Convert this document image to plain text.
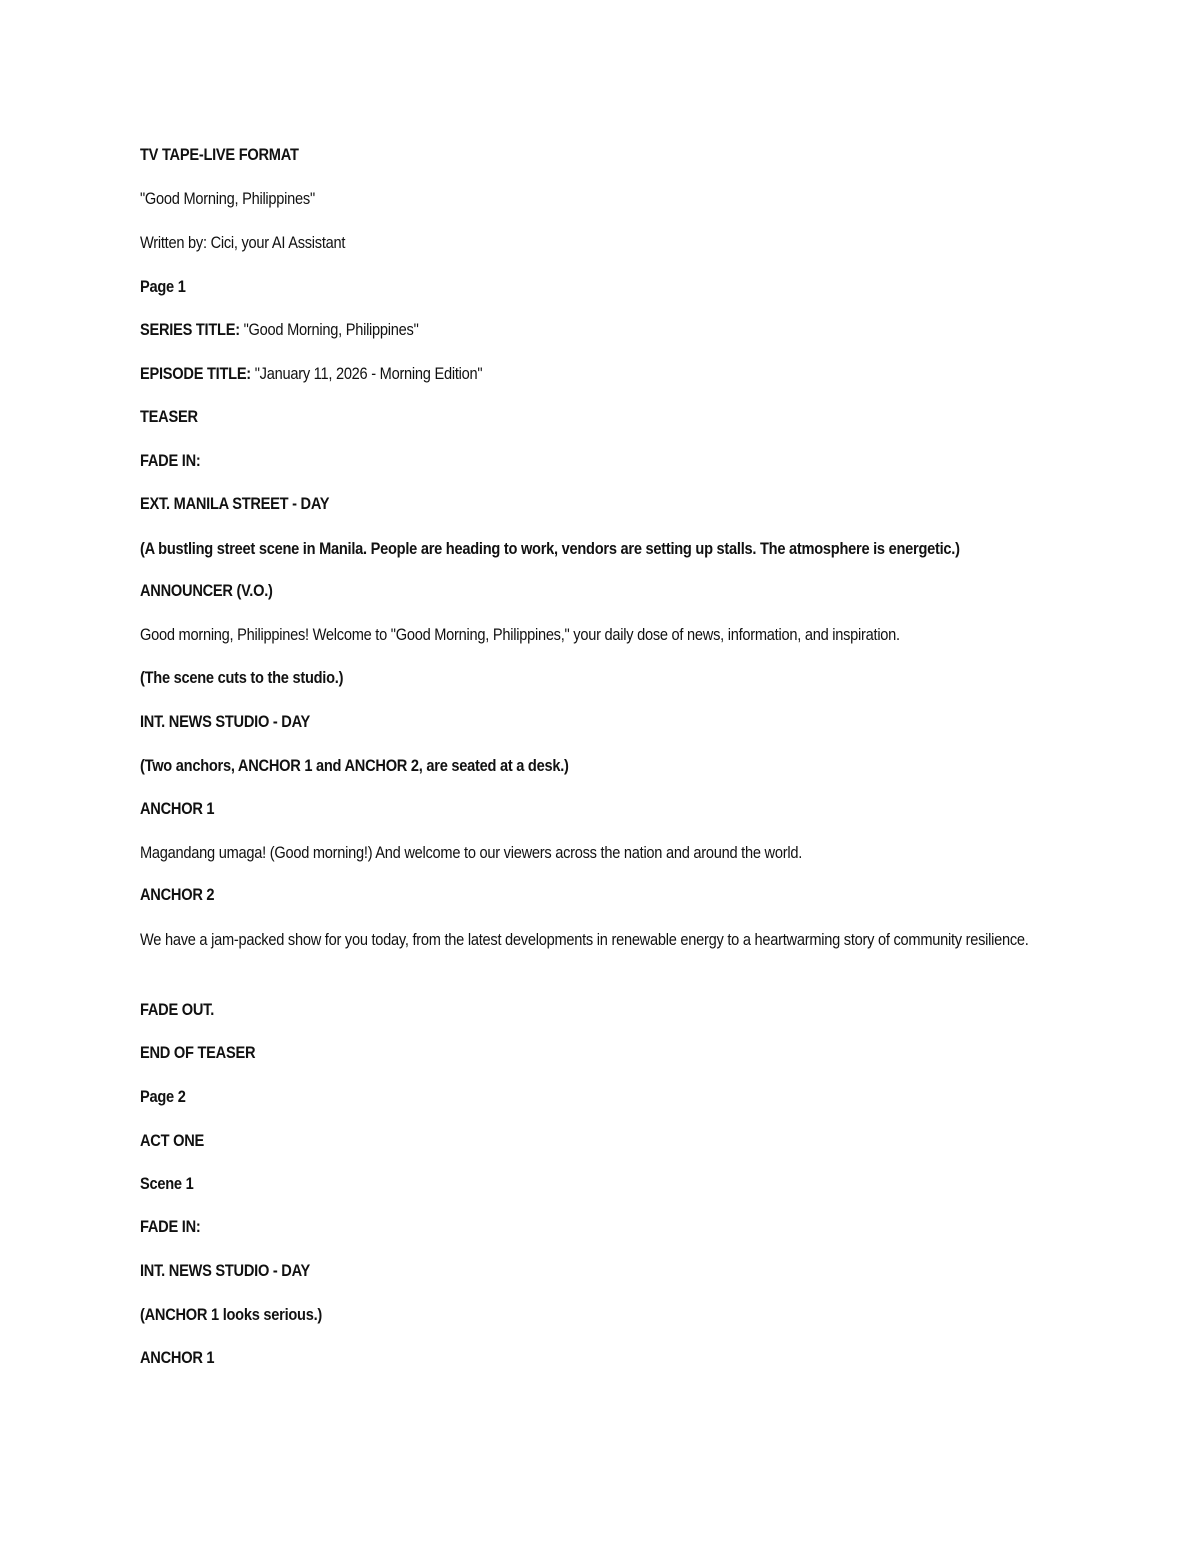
TV TAPE-LIVE FORMAT
"Good Morning, Philippines"
Written by: Cici, your AI Assistant
Page 1
SERIES TITLE: "Good Morning, Philippines"
EPISODE TITLE: "January 11, 2026 - Morning Edition"
TEASER
FADE IN:
EXT. MANILA STREET - DAY
(A bustling street scene in Manila. People are heading to work, vendors are setting up stalls. The atmosphere is energetic.)
ANNOUNCER (V.O.)
Good morning, Philippines! Welcome to "Good Morning, Philippines," your daily dose of news, information, and inspiration.
(The scene cuts to the studio.)
INT. NEWS STUDIO - DAY
(Two anchors, ANCHOR 1 and ANCHOR 2, are seated at a desk.)
ANCHOR 1
Magandang umaga! (Good morning!) And welcome to our viewers across the nation and around the world.
ANCHOR 2
We have a jam-packed show for you today, from the latest developments in renewable energy to a heartwarming story of community resilience.
FADE OUT.
END OF TEASER
Page 2
ACT ONE
Scene 1
FADE IN:
INT. NEWS STUDIO - DAY
(ANCHOR 1 looks serious.)
ANCHOR 1
